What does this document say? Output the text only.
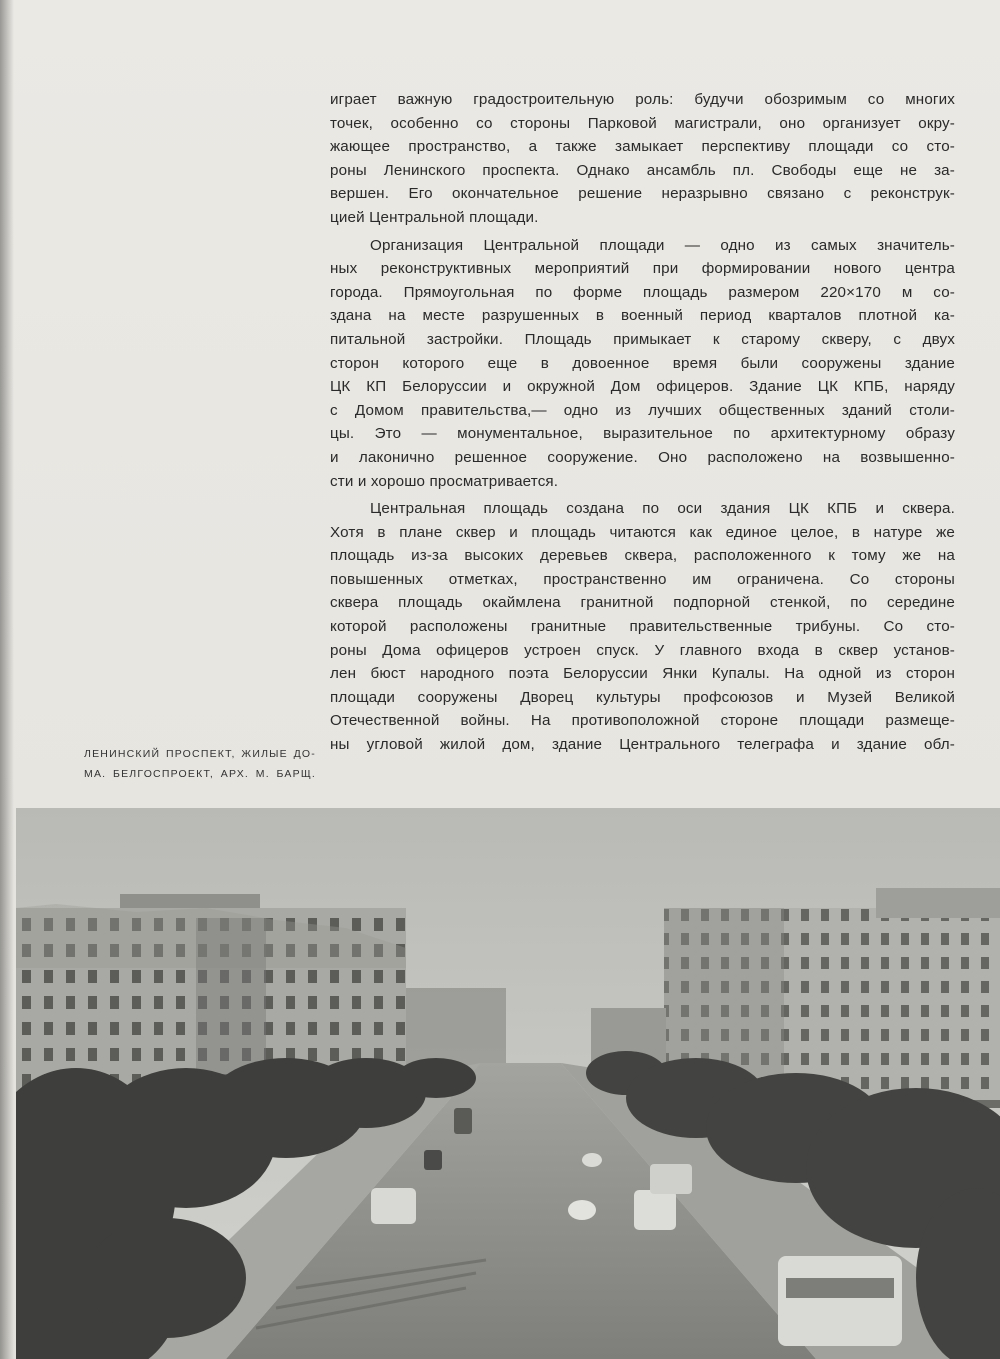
играет важную градостроительную роль: будучи обозримым со многих
точек, особенно со стороны Парковой магистрали, оно организует окру-
жающее пространство, а также замыкает перспективу площади со сто-
роны Ленинского проспекта. Однако ансамбль пл. Свободы еще не за-
вершен. Его окончательное решение неразрывно связано с реконструк-
цией Центральной площади.

Организация Центральной площади — одно из самых значитель-
ных реконструктивных мероприятий при формировании нового центра
города. Прямоугольная по форме площадь размером 220×170 м со-
здана на месте разрушенных в военный период кварталов плотной ка-
питальной застройки. Площадь примыкает к старому скверу, с двух
сторон которого еще в довоенное время были сооружены здание
ЦК КП Белоруссии и окружной Дом офицеров. Здание ЦК КПБ, наряду
с Домом правительства,— одно из лучших общественных зданий столи-
цы. Это — монументальное, выразительное по архитектурному образу
и лаконично решенное сооружение. Оно расположено на возвышенно-
сти и хорошо просматривается.

Центральная площадь создана по оси здания ЦК КПБ и сквера.
Хотя в плане сквер и площадь читаются как единое целое, в натуре же
площадь из-за высоких деревьев сквера, расположенного к тому же на
повышенных отметках, пространственно им ограничена. Со стороны
сквера площадь окаймлена гранитной подпорной стенкой, по середине
которой расположены гранитные правительственные трибуны. Со сто-
роны Дома офицеров устроен спуск. У главного входа в сквер установ-
лен бюст народного поэта Белоруссии Янки Купалы. На одной из сторон
площади сооружены Дворец культуры профсоюзов и Музей Великой
Отечественной войны. На противоположной стороне площади размеще-
ны угловой жилой дом, здание Центрального телеграфа и здание обл-

ЛЕНИНСКИЙ ПРОСПЕКТ, ЖИЛЫЕ ДО-
МА. БЕЛГОСПРОЕКТ, АРХ. М. БАРЩ.
